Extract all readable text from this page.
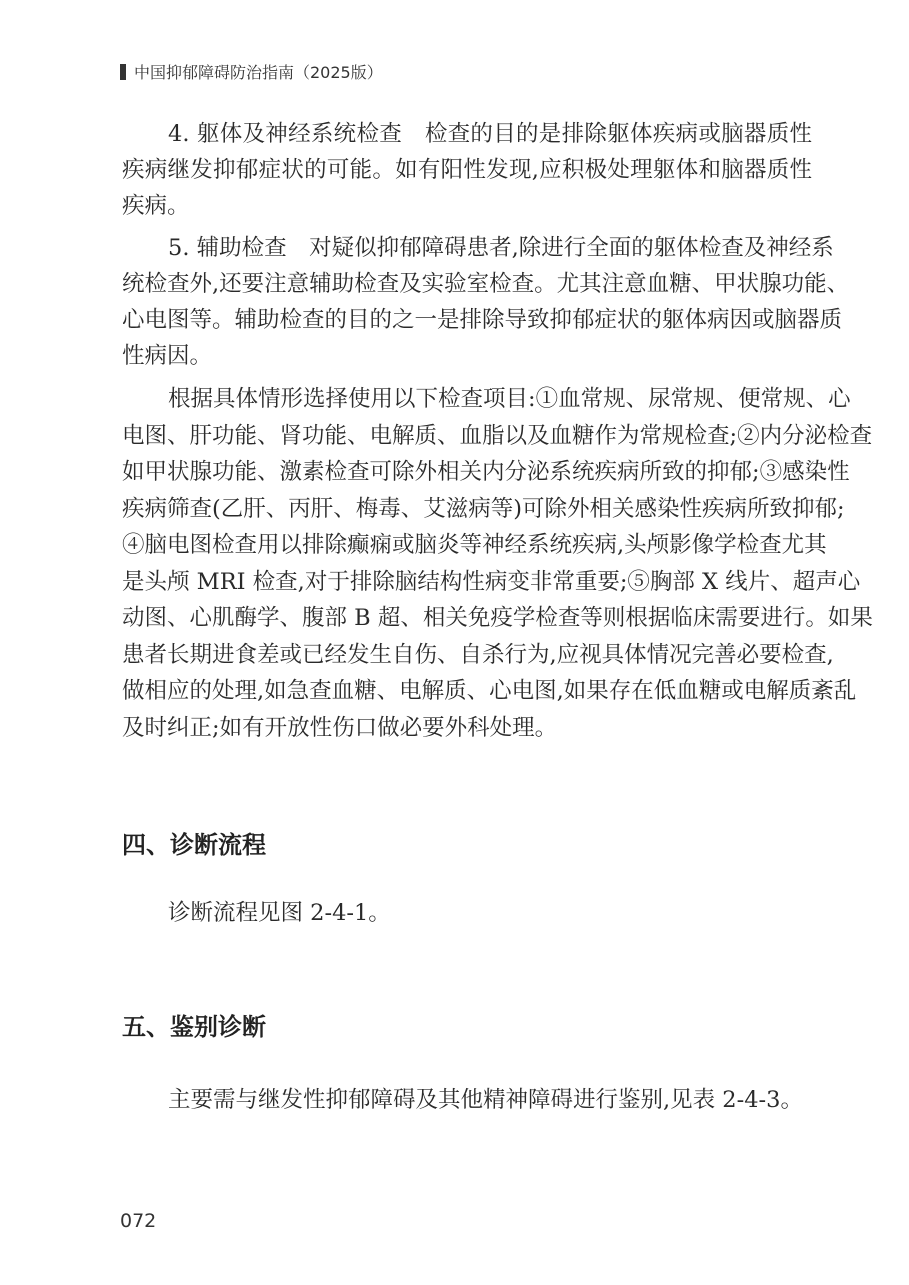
中国抑郁障碍防治指南（2025版）
4. 躯体及神经系统检查　检查的目的是排除躯体疾病或脑器质性
疾病继发抑郁症状的可能。如有阳性发现,应积极处理躯体和脑器质性
疾病。
5. 辅助检查　对疑似抑郁障碍患者,除进行全面的躯体检查及神经系
统检查外,还要注意辅助检查及实验室检查。尤其注意血糖、甲状腺功能、
心电图等。辅助检查的目的之一是排除导致抑郁症状的躯体病因或脑器质
性病因。
根据具体情形选择使用以下检查项目:①血常规、尿常规、便常规、心
电图、肝功能、肾功能、电解质、血脂以及血糖作为常规检查;②内分泌检查
如甲状腺功能、激素检查可除外相关内分泌系统疾病所致的抑郁;③感染性
疾病筛查(乙肝、丙肝、梅毒、艾滋病等)可除外相关感染性疾病所致抑郁;
④脑电图检查用以排除癫痫或脑炎等神经系统疾病,头颅影像学检查尤其
是头颅 MRI 检查,对于排除脑结构性病变非常重要;⑤胸部 X 线片、超声心
动图、心肌酶学、腹部 B 超、相关免疫学检查等则根据临床需要进行。如果
患者长期进食差或已经发生自伤、自杀行为,应视具体情况完善必要检查,
做相应的处理,如急查血糖、电解质、心电图,如果存在低血糖或电解质紊乱
及时纠正;如有开放性伤口做必要外科处理。
四、诊断流程
诊断流程见图 2-4-1。
五、鉴别诊断
主要需与继发性抑郁障碍及其他精神障碍进行鉴别,见表 2-4-3。
072
